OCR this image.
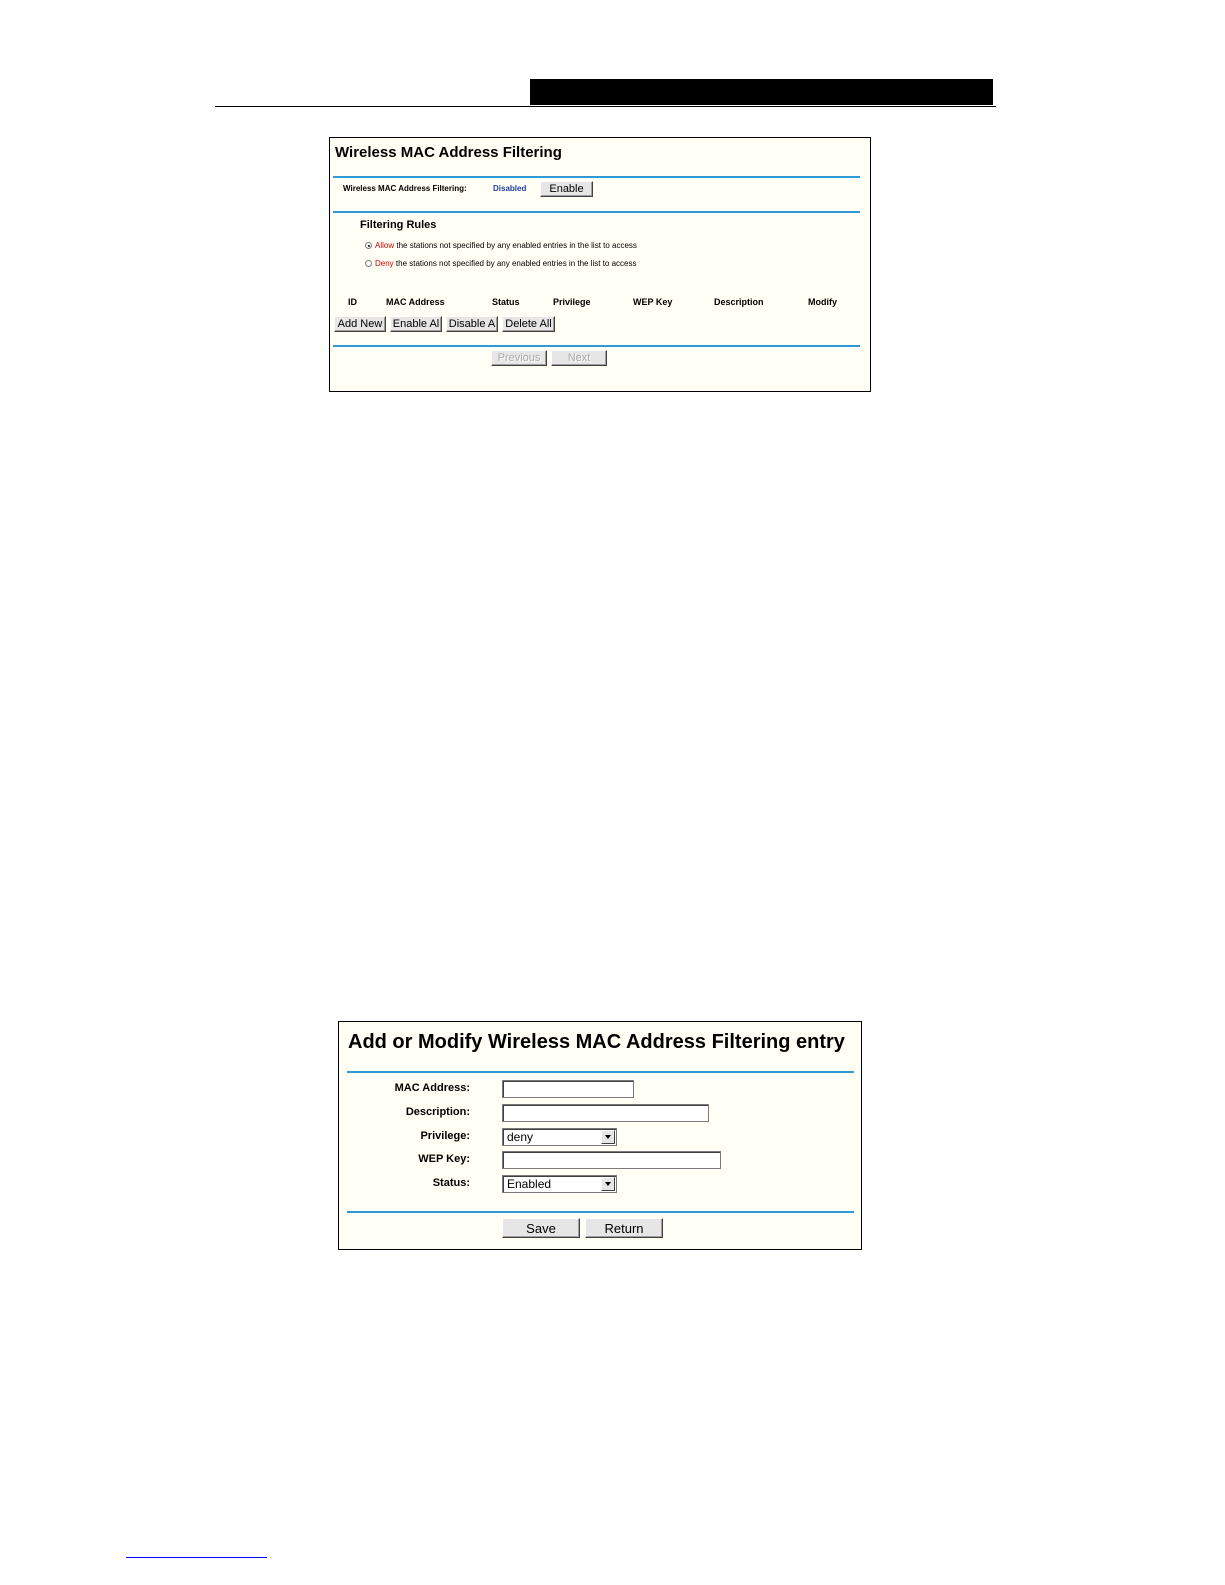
Wireless MAC Address Filtering
Wireless MAC Address Filtering:	Disabled	Enable
Filtering Rules
Allow the stations not specified by any enabled entries in the list to access
Deny the stations not specified by any enabled entries in the list to access
ID	MAC Address	Status	Privilege	WEP Key	Description	Modify
Add New Enable Al Disable A Delete All
Previous	Next
Add or Modify Wireless MAC Address Filtering entry
MAC Address:
Description:
Privilege:	deny
WEP Key:
Status:	Enabled
Save	Return
